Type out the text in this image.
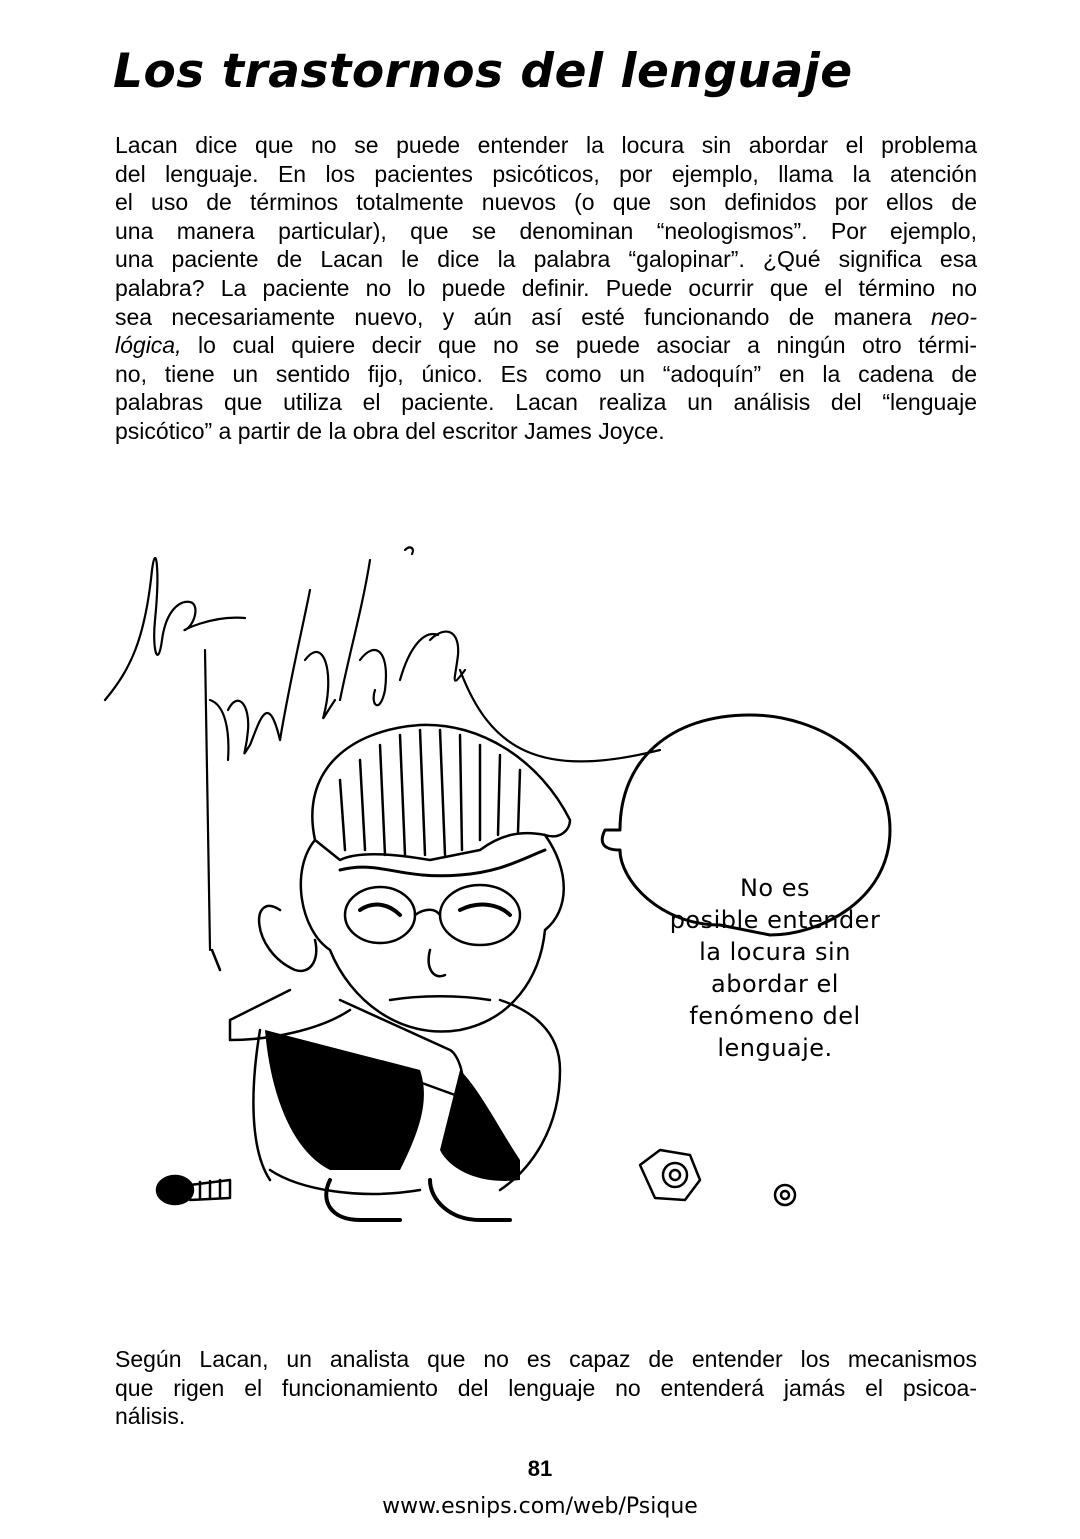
Los trastornos del lenguaje
Lacan dice que no se puede entender la locura sin abordar el problema
del lenguaje. En los pacientes psicóticos, por ejemplo, llama la atención
el uso de términos totalmente nuevos (o que son definidos por ellos de
una manera particular), que se denominan “neologismos”. Por ejemplo,
una paciente de Lacan le dice la palabra “galopinar”. ¿Qué significa esa
palabra? La paciente no lo puede definir. Puede ocurrir que el término no
sea necesariamente nuevo, y aún así esté funcionando de manera neo-
lógica, lo cual quiere decir que no se puede asociar a ningún otro térmi-
no, tiene un sentido fijo, único. Es como un “adoquín” en la cadena de
palabras que utiliza el paciente. Lacan realiza un análisis del “lenguaje
psicótico” a partir de la obra del escritor James Joyce.
No es
posible entender
la locura sin
abordar el
fenómeno del
lenguaje.
Según Lacan, un analista que no es capaz de entender los mecanismos
que rigen el funcionamiento del lenguaje no entenderá jamás el psicoa-
nálisis.
81
www.esnips.com/web/Psique
